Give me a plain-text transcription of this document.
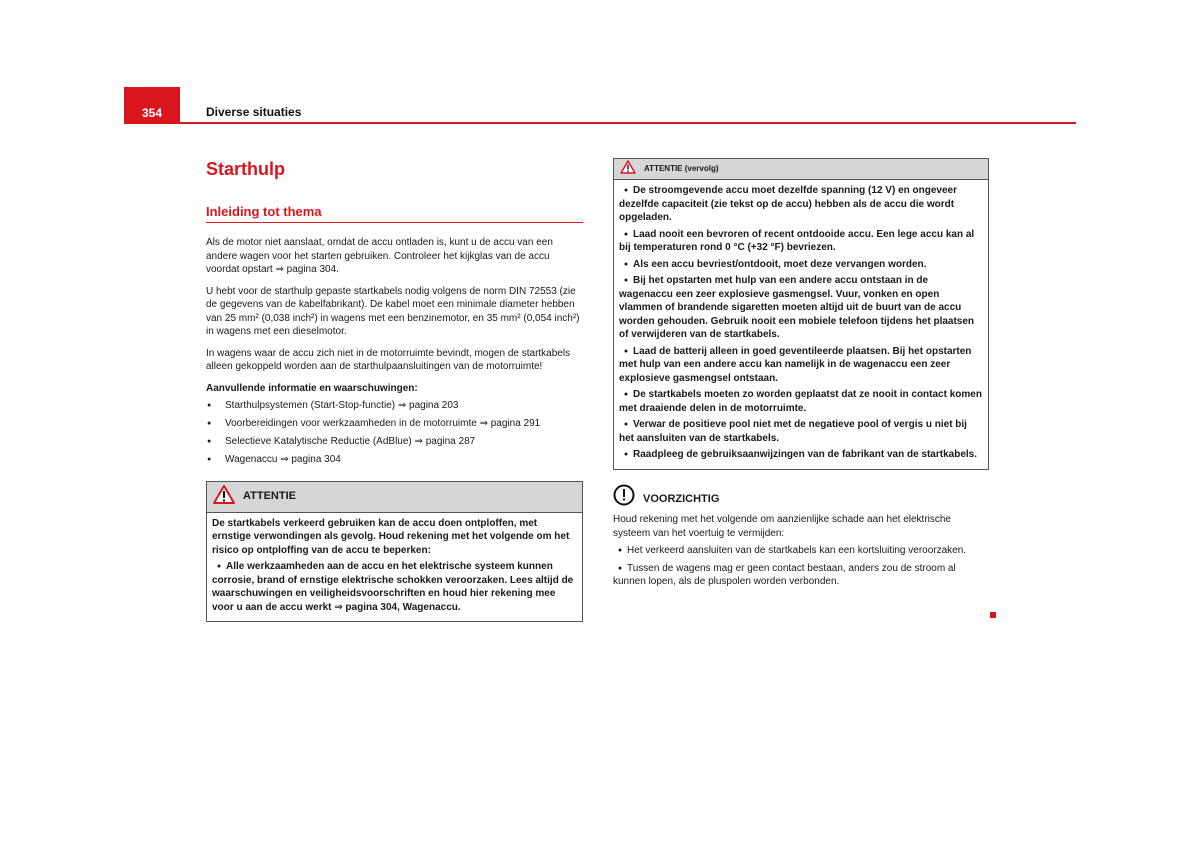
354	Diverse situaties
Starthulp
Inleiding tot thema

Als de motor niet aanslaat, omdat de accu ontladen is, kunt u de accu van een andere wagen voor het starten gebruiken. Controleer het kijkglas van de accu voordat opstart ⇒ pagina 304.

U hebt voor de starthulp gepaste startkabels nodig volgens de norm DIN 72553 (zie de gegevens van de kabelfabrikant). De kabel moet een minimale diameter hebben van 25 mm² (0,038 inch²) in wagens met een benzinemotor, en 35 mm² (0,054 inch²) in wagens met een dieselmotor.

In wagens waar de accu zich niet in de motorruimte bevindt, mogen de startkabels alleen gekoppeld worden aan de starthulpaansluitingen van de motorruimte!

Aanvullende informatie en waarschuwingen:

● Starthulpsystemen (Start-Stop-functie) ⇒ pagina 203
● Voorbereidingen voor werkzaamheden in de motorruimte ⇒ pagina 291
● Selectieve Katalytische Reductie (AdBlue) ⇒ pagina 287
● Wagenaccu ⇒ pagina 304
ATTENTIE

De startkabels verkeerd gebruiken kan de accu doen ontploffen, met ernstige verwondingen als gevolg. Houd rekening met het volgende om het risico op ontploffing van de accu te beperken:

● Alle werkzaamheden aan de accu en het elektrische systeem kunnen corrosie, brand of ernstige elektrische schokken veroorzaken. Lees altijd de waarschuwingen en veiligheidsvoorschriften en houd hier rekening mee voor u aan de accu werkt ⇒ pagina 304, Wagenaccu.

ATTENTIE (vervolg)

● De stroomgevende accu moet dezelfde spanning (12 V) en ongeveer dezelfde capaciteit (zie tekst op de accu) hebben als de accu die wordt opgeladen.

● Laad nooit een bevroren of recent ontdooide accu. Een lege accu kan al bij temperaturen rond 0 °C (+32 °F) bevriezen.

● Als een accu bevriest/ontdooit, moet deze vervangen worden.

● Bij het opstarten met hulp van een andere accu ontstaan in de wagenaccu een zeer explosieve gasmengsel. Vuur, vonken en open vlammen of brandende sigaretten moeten altijd uit de buurt van de accu worden gehouden. Gebruik nooit een mobiele telefoon tijdens het plaatsen of verwijderen van de startkabels.

● Laad de batterij alleen in goed geventileerde plaatsen. Bij het opstarten met hulp van een andere accu kan namelijk in de wagenaccu een zeer explosieve gasmengsel ontstaan.

● De startkabels moeten zo worden geplaatst dat ze nooit in contact komen met draaiende delen in de motorruimte.

● Verwar de positieve pool niet met de negatieve pool of vergis u niet bij het aansluiten van de startkabels.

● Raadpleeg de gebruiksaanwijzingen van de fabrikant van de startkabels.

VOORZICHTIG

Houd rekening met het volgende om aanzienlijke schade aan het elektrische systeem van het voertuig te vermijden:

● Het verkeerd aansluiten van de startkabels kan een kortsluiting veroorzaken.

● Tussen de wagens mag er geen contact bestaan, anders zou de stroom al kunnen lopen, als de pluspolen worden verbonden.
